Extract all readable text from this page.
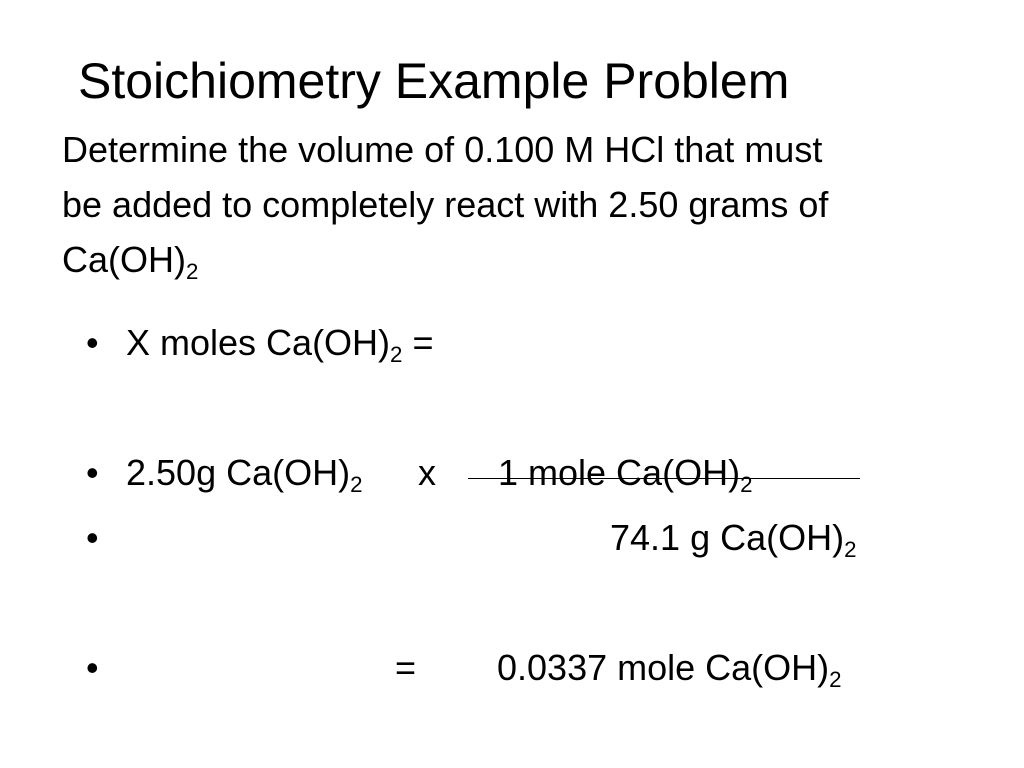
Stoichiometry Example Problem
Determine the volume of 0.100 M HCl that must
be added to completely react with 2.50 grams of
$Ca(OH)_2$
• X moles $Ca(OH)_2$ =
• 2.50g $Ca(OH)_2$ x 1 mole $Ca(OH)_2$
•	74.1 g $Ca(OH)_2$
•	= 0.0337 mole $Ca(OH)_2$
